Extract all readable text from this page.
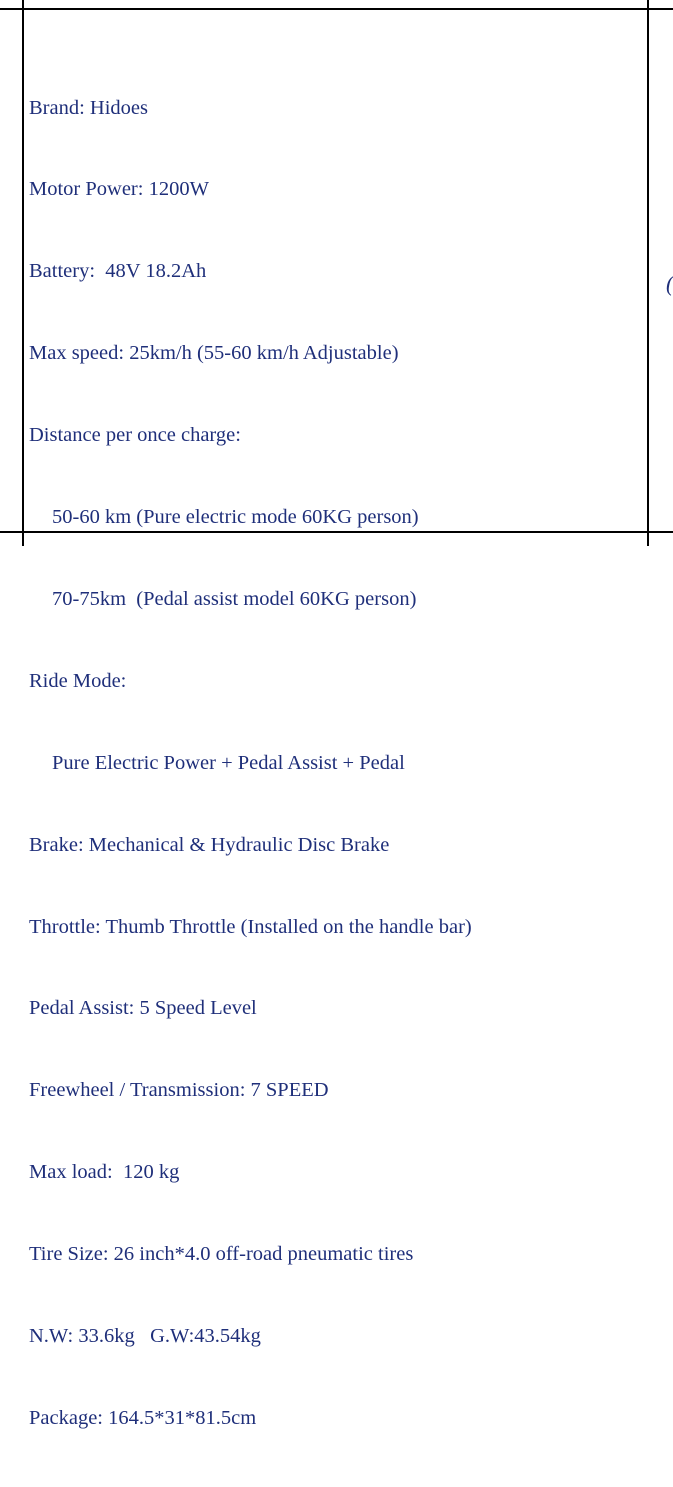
Brand: Hidoes

Motor Power: 1200W

Battery:  48V 18.2Ah

Max speed: 25km/h (55-60 km/h Adjustable)

Distance per once charge:

50-60 km (Pure electric mode 60KG person)

70-75km  (Pedal assist model 60KG person)

Ride Mode:

Pure Electric Power + Pedal Assist + Pedal

Brake: Mechanical & Hydraulic Disc Brake

Throttle: Thumb Throttle (Installed on the handle bar)

Pedal Assist: 5 Speed Level

Freewheel / Transmission: 7 SPEED

Max load:  120 kg

Tire Size: 26 inch*4.0 off-road pneumatic tires

N.W: 33.6kg   G.W:43.54kg

Package: 164.5*31*81.5cm

(
